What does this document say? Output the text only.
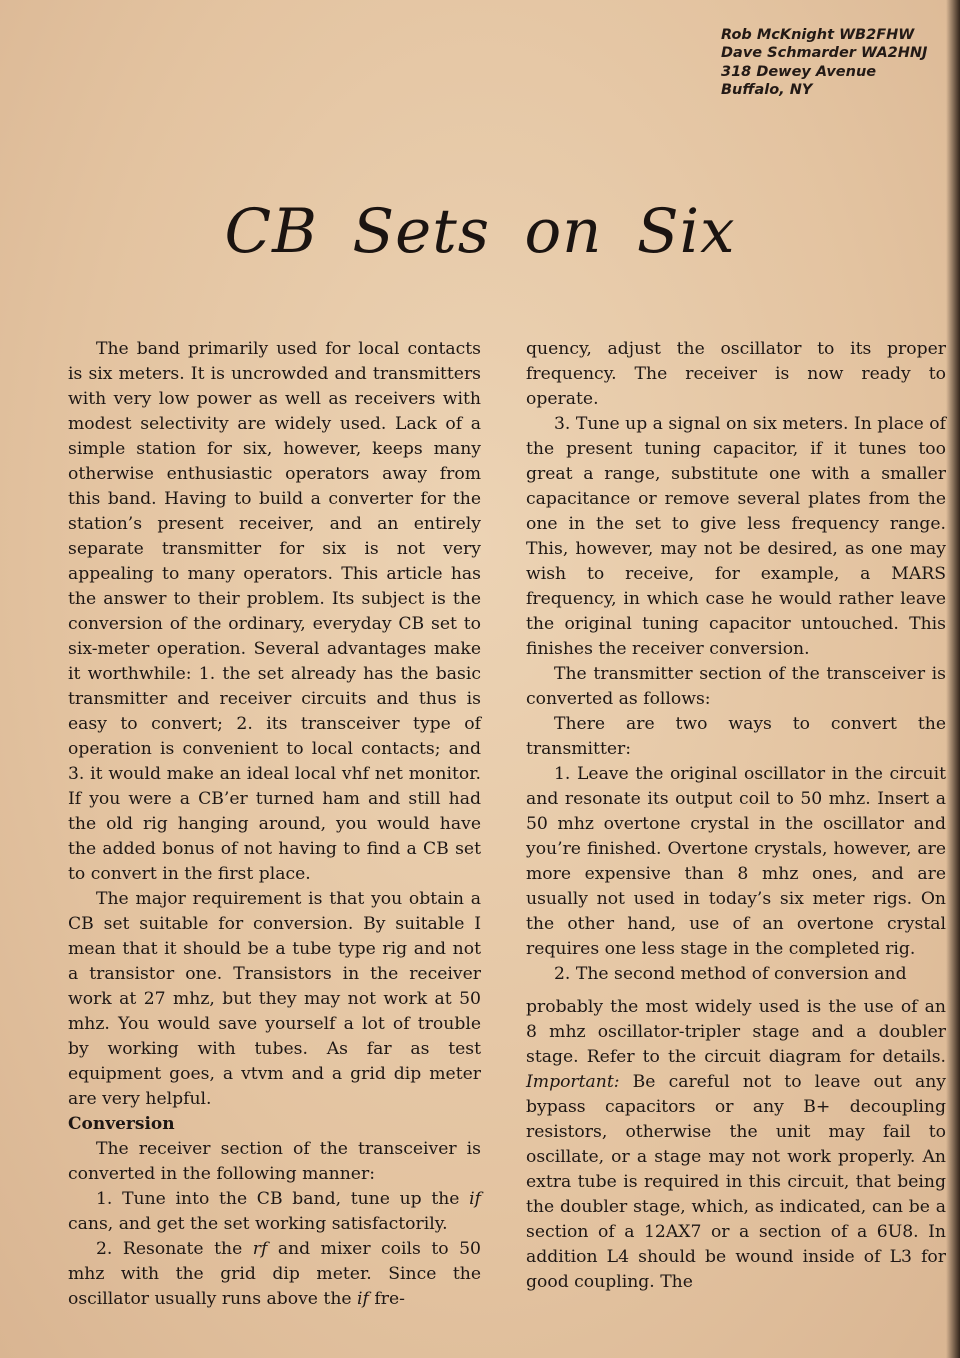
Rob McKnight WB2FHW
Dave Schmarder WA2HNJ
318 Dewey Avenue
Buffalo, NY
CB Sets on Six

The band primarily used for local contacts is six meters. It is uncrowded and transmitters with very low power as well as receivers with modest selectivity are widely used. Lack of a simple station for six, however, keeps many otherwise enthusiastic operators away from this band. Having to build a converter for the station’s present receiver, and an entirely separate transmitter for six is not very appealing to many operators. This article has the answer to their problem. Its subject is the conversion of the ordinary, everyday CB set to six-meter operation. Several advantages make it worthwhile: 1. the set already has the basic transmitter and receiver circuits and thus is easy to convert; 2. its transceiver type of operation is convenient to local contacts; and 3. it would make an ideal local vhf net monitor. If you were a CB’er turned ham and still had the old rig hanging around, you would have the added bonus of not having to find a CB set to convert in the first place.

The major requirement is that you obtain a CB set suitable for conversion. By suitable I mean that it should be a tube type rig and not a transistor one. Transistors in the receiver work at 27 mhz, but they may not work at 50 mhz. You would save yourself a lot of trouble by working with tubes. As far as test equipment goes, a vtvm and a grid dip meter are very helpful.

Conversion

The receiver section of the transceiver is converted in the following manner:

1. Tune into the CB band, tune up the if cans, and get the set working satisfactorily.

2. Resonate the rf and mixer coils to 50 mhz with the grid dip meter. Since the oscillator usually runs above the if fre-

quency, adjust the oscillator to its proper frequency. The receiver is now ready to operate.

3. Tune up a signal on six meters. In place of the present tuning capacitor, if it tunes too great a range, substitute one with a smaller capacitance or remove several plates from the one in the set to give less frequency range. This, however, may not be desired, as one may wish to receive, for example, a MARS frequency, in which case he would rather leave the original tuning capacitor untouched. This finishes the receiver conversion.

The transmitter section of the transceiver is converted as follows:

There are two ways to convert the transmitter:

1. Leave the original oscillator in the circuit and resonate its output coil to 50 mhz. Insert a 50 mhz overtone crystal in the oscillator and you’re finished. Overtone crystals, however, are more expensive than 8 mhz ones, and are usually not used in today’s six meter rigs. On the other hand, use of an overtone crystal requires one less stage in the completed rig.

2. The second method of conversion and

probably the most widely used is the use of an 8 mhz oscillator-tripler stage and a doubler stage. Refer to the circuit diagram for details. Important: Be careful not to leave out any bypass capacitors or any B+ decoupling resistors, otherwise the unit may fail to oscillate, or a stage may not work properly. An extra tube is required in this circuit, that being the doubler stage, which, as indicated, can be a section of a 12AX7 or a section of a 6U8. In addition L4 should be wound inside of L3 for good coupling. The
